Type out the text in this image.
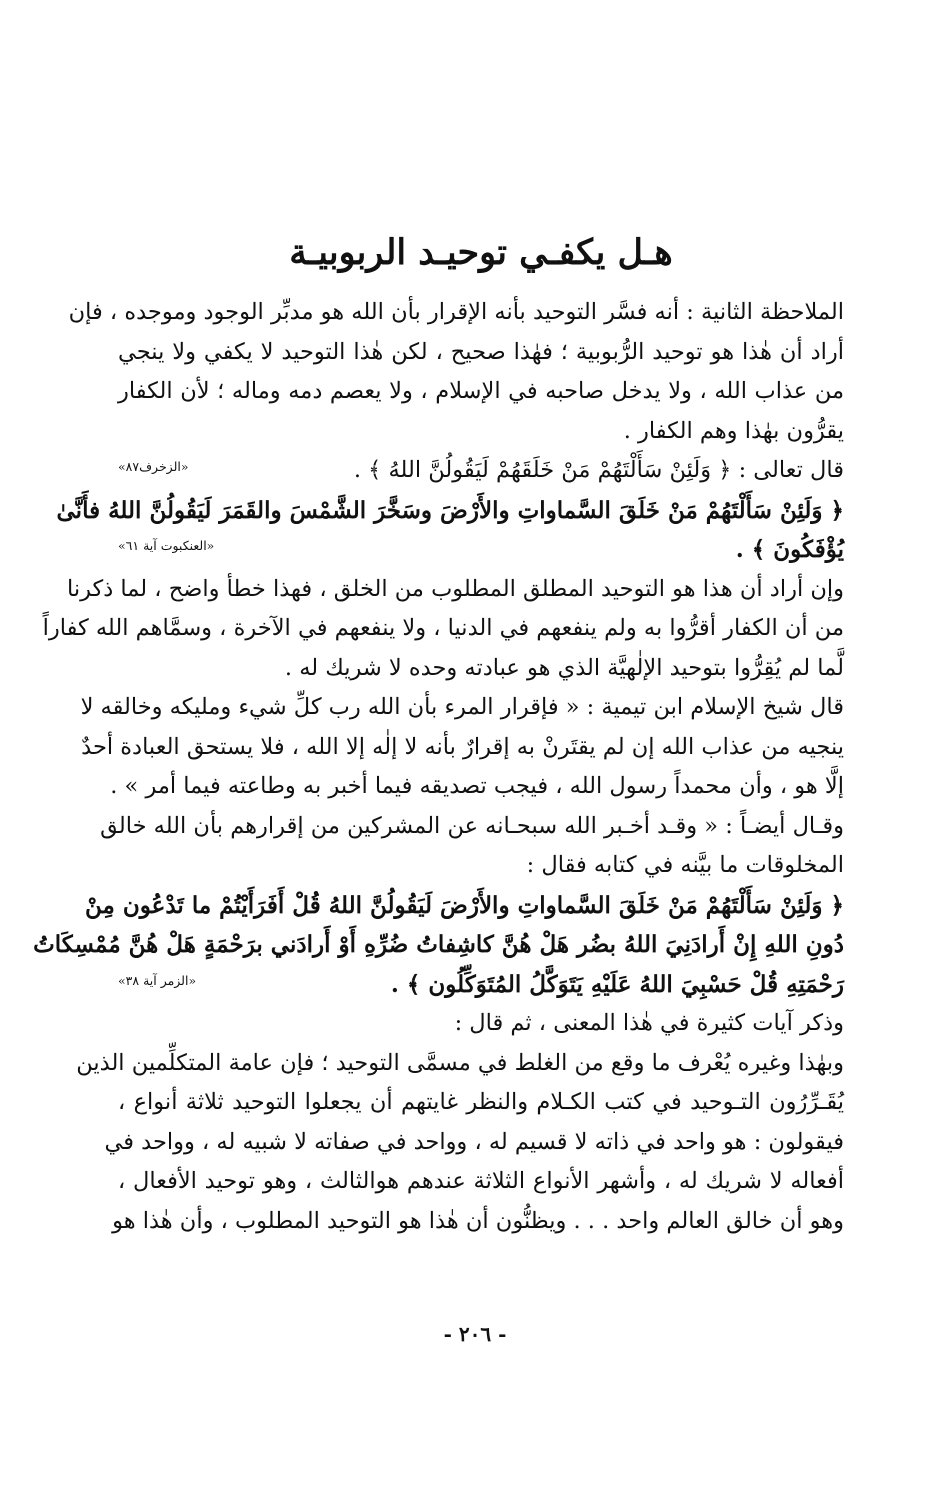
هـل يكفـي توحيـد الربوبيـة
الملاحظة الثانية : أنه فسَّر التوحيد بأنه الإقرار بأن الله هو مدبِّر الوجود وموجده ، فإن
أراد أن هٰذا هو توحيد الرُّبوبية ؛ فهٰذا صحيح ، لكن هٰذا التوحيد لا يكفي ولا ينجي
من عذاب الله ، ولا يدخل صاحبه في الإسلام ، ولا يعصم دمه وماله ؛ لأن الكفار
يقرُّون بهٰذا وهم الكفار .
قال تعالى : ﴿ وَلَئِنْ سَأَلْتَهُمْ مَنْ خَلَقَهُمْ لَيَقُولُنَّ اللهُ ﴾ .
«الزخرف٨٧»
﴿ وَلَئِنْ سَأَلْتَهُمْ مَنْ خَلَقَ السَّماواتِ والأَرْضَ وسَخَّرَ الشَّمْسَ والقَمَرَ لَيَقُولُنَّ اللهُ فأَنَّىٰ
يُؤْفَكُونَ ﴾ .
«العنكبوت آية ٦١»
وإن أراد أن هذا هو التوحيد المطلق المطلوب من الخلق ، فهذا خطأ واضح ، لما ذكرنا
من أن الكفار أقرُّوا به ولم ينفعهم في الدنيا ، ولا ينفعهم في الآخرة ، وسمَّاهم الله كفاراً
لَّما لم يُقِرُّوا بتوحيد الإلٰهيَّة الذي هو عبادته وحده لا شريك له .
قال شيخ الإسلام ابن تيمية : « فإقرار المرء بأن الله رب كلِّ شيء ومليكه وخالقه لا
ينجيه من عذاب الله إن لم يقتَرنْ به إقرارٌ بأنه لا إلٰه إلا الله ، فلا يستحق العبادة أحدٌ
إلَّا هو ، وأن محمداً رسول الله ، فيجب تصديقه فيما أخبر به وطاعته فيما أمر » .
وقـال أيضـاً : « وقـد أخـبر الله سبحـانه عن المشركين من إقرارهم بأن الله خالق
المخلوقات ما بيَّنه في كتابه فقال :
﴿ وَلَئِنْ سَأَلْتَهُمْ مَنْ خَلَقَ السَّماواتِ والأَرْضَ لَيَقُولُنَّ اللهُ قُلْ أَفَرَأَيْتُمْ ما تَدْعُون مِنْ
دُونِ اللهِ إِنْ أَرادَنِيَ اللهُ بضُر هَلْ هُنَّ كاشِفاتُ ضُرِّهِ أَوْ أَرادَني برَحْمَةٍ هَلْ هُنَّ مُمْسِكَاتُ
رَحْمَتِهِ قُلْ حَسْبِيَ اللهُ عَلَيْهِ يَتَوَكَّلُ المُتَوَكِّلُون ﴾ .
«الزمر آية ٣٨»
وذكر آيات كثيرة في هٰذا المعنى ، ثم قال :
وبهٰذا وغيره يُعْرف ما وقع من الغلط في مسمَّى التوحيد ؛ فإن عامة المتكلِّمين الذين
يُقَـرِّرُون التـوحيد في كتب الكـلام والنظر غايتهم أن يجعلوا التوحيد ثلاثة أنواع ،
فيقولون : هو واحد في ذاته لا قسيم له ، وواحد في صفاته لا شبيه له ، وواحد في
أفعاله لا شريك له ، وأشهر الأنواع الثلاثة عندهم هوالثالث ، وهو توحيد الأفعال ،
وهو أن خالق العالم واحد . . . ويظنُّون أن هٰذا هو التوحيد المطلوب ، وأن هٰذا هو
- ٢٠٦ -
